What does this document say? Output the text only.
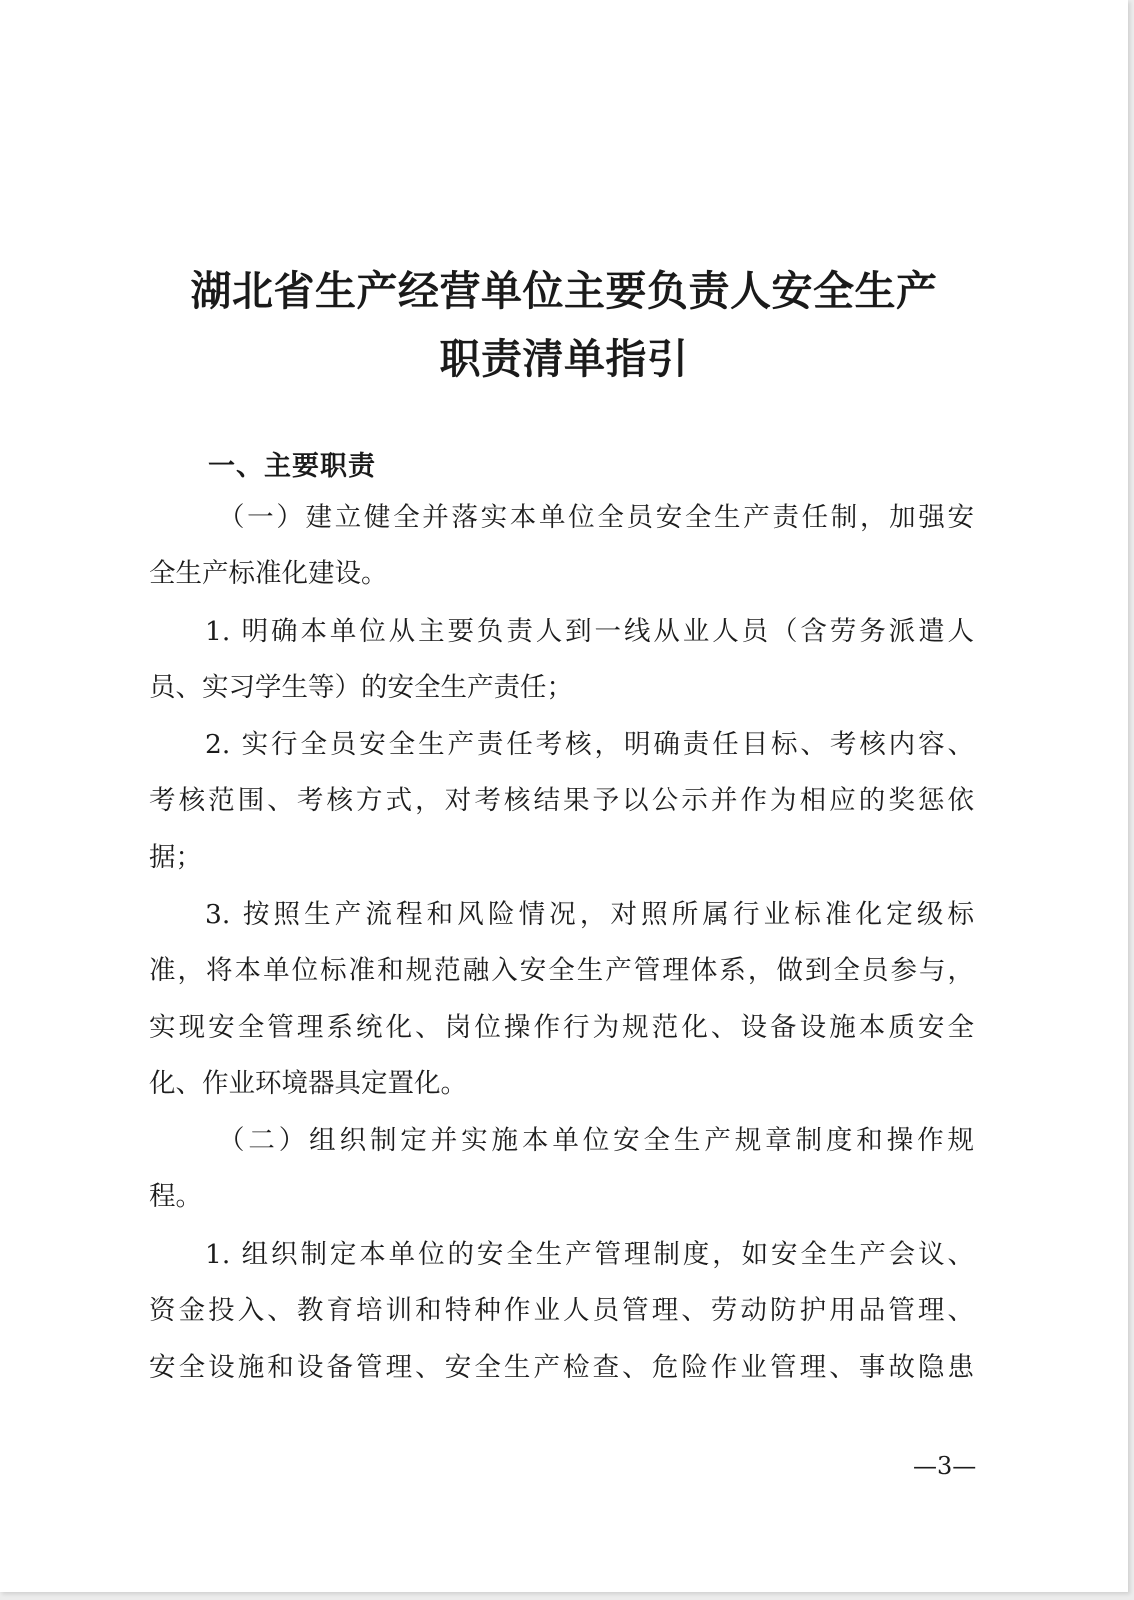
湖北省生产经营单位主要负责人安全生产
职责清单指引
一、主要职责
（一）建立健全并落实本单位全员安全生产责任制，加强安
全生产标准化建设。
1. 明确本单位从主要负责人到一线从业人员（含劳务派遣人
员、实习学生等）的安全生产责任；
2. 实行全员安全生产责任考核，明确责任目标、考核内容、
考核范围、考核方式，对考核结果予以公示并作为相应的奖惩依
据；
3. 按照生产流程和风险情况，对照所属行业标准化定级标
准，将本单位标准和规范融入安全生产管理体系，做到全员参与，
实现安全管理系统化、岗位操作行为规范化、设备设施本质安全
化、作业环境器具定置化。
（二）组织制定并实施本单位安全生产规章制度和操作规
程。
1. 组织制定本单位的安全生产管理制度，如安全生产会议、
资金投入、教育培训和特种作业人员管理、劳动防护用品管理、
安全设施和设备管理、安全生产检查、危险作业管理、事故隐患
—3—
